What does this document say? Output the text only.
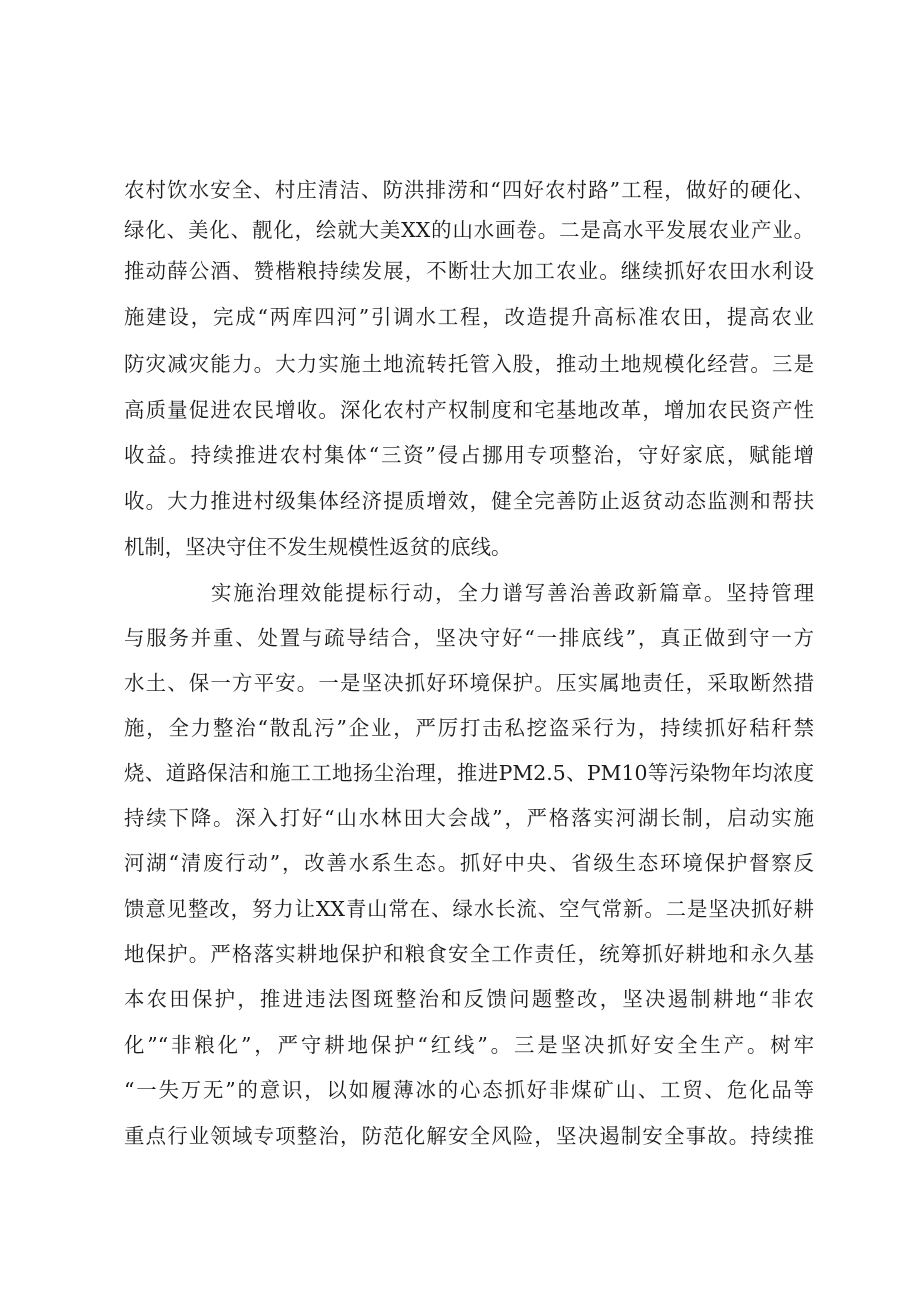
农村饮水安全、村庄清洁、防洪排涝和“四好农村路”工程，做好的硬化、
绿化、美化、靓化，绘就大美XX的山水画卷。二是高水平发展农业产业。
推动薛公酒、赞楷粮持续发展，不断壮大加工农业。继续抓好农田水利设
施建设，完成“两库四河”引调水工程，改造提升高标准农田，提高农业
防灾减灾能力。大力实施土地流转托管入股，推动土地规模化经营。三是
高质量促进农民增收。深化农村产权制度和宅基地改革，增加农民资产性
收益。持续推进农村集体“三资”侵占挪用专项整治，守好家底，赋能增
收。大力推进村级集体经济提质增效，健全完善防止返贫动态监测和帮扶
机制，坚决守住不发生规模性返贫的底线。
实施治理效能提标行动，全力谱写善治善政新篇章。坚持管理
与服务并重、处置与疏导结合，坚决守好“一排底线”，真正做到守一方
水土、保一方平安。一是坚决抓好环境保护。压实属地责任，采取断然措
施，全力整治“散乱污”企业，严厉打击私挖盗采行为，持续抓好秸秆禁
烧、道路保洁和施工工地扬尘治理，推进PM2.5、PM10等污染物年均浓度
持续下降。深入打好“山水林田大会战”，严格落实河湖长制，启动实施
河湖“清废行动”，改善水系生态。抓好中央、省级生态环境保护督察反
馈意见整改，努力让XX青山常在、绿水长流、空气常新。二是坚决抓好耕
地保护。严格落实耕地保护和粮食安全工作责任，统筹抓好耕地和永久基
本农田保护，推进违法图斑整治和反馈问题整改，坚决遏制耕地“非农
化”“非粮化”，严守耕地保护“红线”。三是坚决抓好安全生产。树牢
“一失万无”的意识，以如履薄冰的心态抓好非煤矿山、工贸、危化品等
重点行业领域专项整治，防范化解安全风险，坚决遏制安全事故。持续推
